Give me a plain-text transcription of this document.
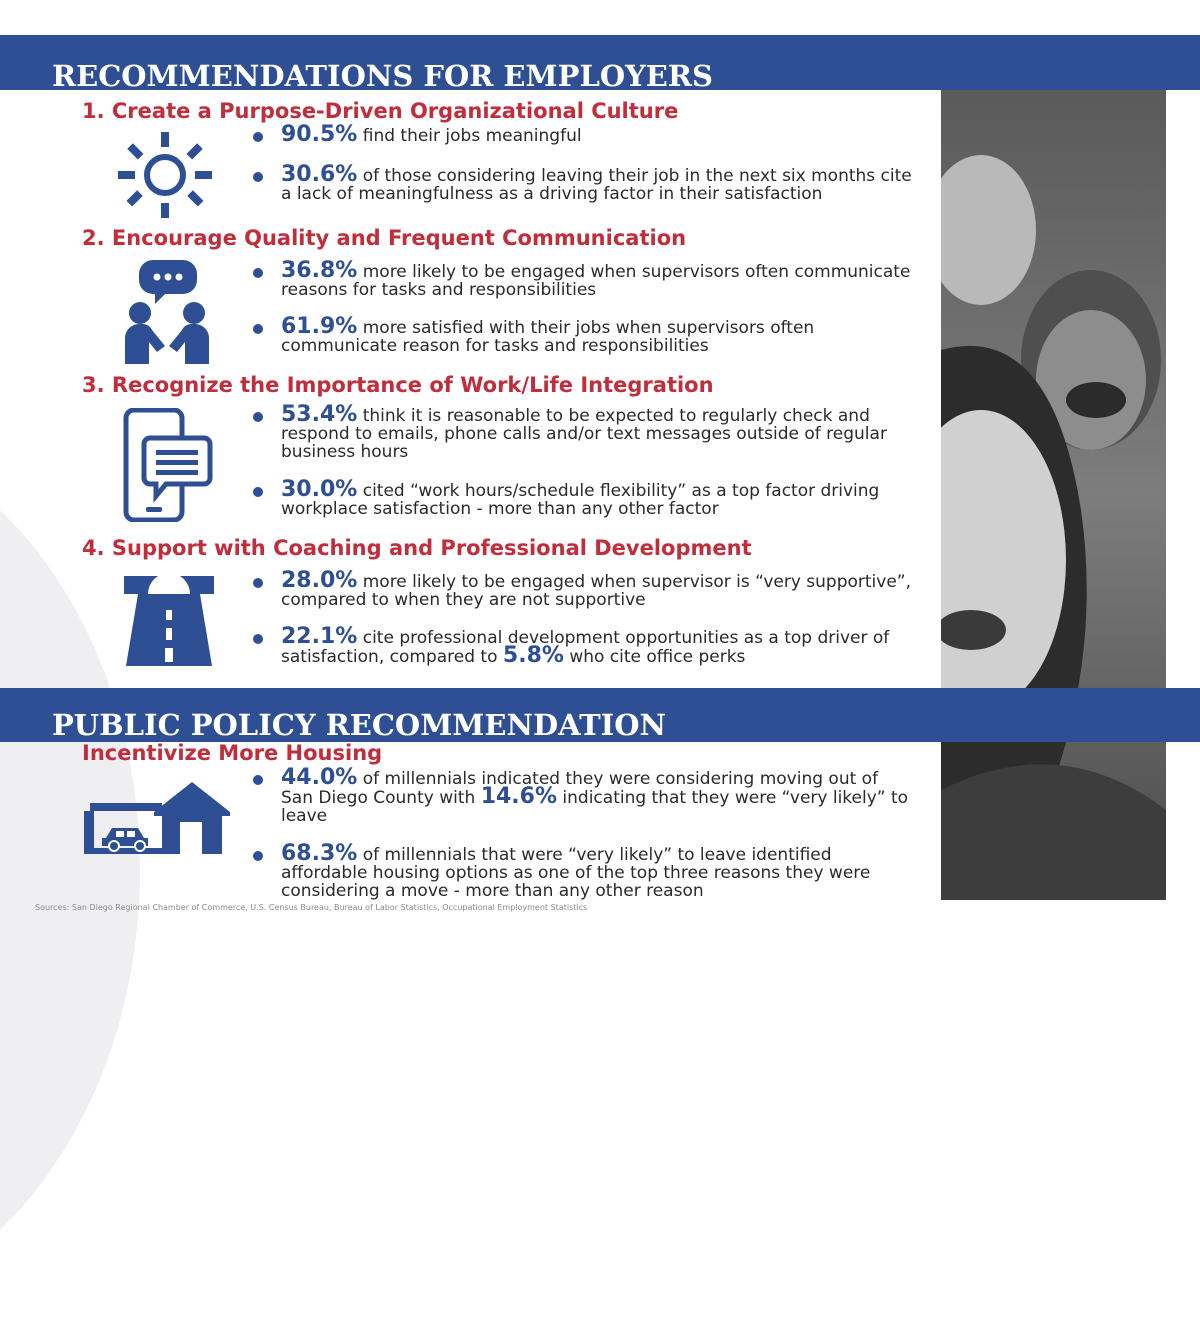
RECOMMENDATIONS FOR EMPLOYERS
1. Create a Purpose-Driven Organizational Culture
90.5% find their jobs meaningful
30.6% of those considering leaving their job in the next six months cite a lack of meaningfulness as a driving factor in their satisfaction
2. Encourage Quality and Frequent Communication
36.8% more likely to be engaged when supervisors often communicate reasons for tasks and responsibilities
61.9% more satisfied with their jobs when supervisors often communicate reason for tasks and responsibilities
3. Recognize the Importance of Work/Life Integration
53.4% think it is reasonable to be expected to regularly check and respond to emails, phone calls and/or text messages outside of regular business hours
30.0% cited “work hours/schedule flexibility” as a top factor driving workplace satisfaction - more than any other factor
4. Support with Coaching and Professional Development
28.0% more likely to be engaged when supervisor is “very supportive”, compared to when they are not supportive
22.1% cite professional development opportunities as a top driver of satisfaction, compared to 5.8% who cite office perks
PUBLIC POLICY RECOMMENDATION
Incentivize More Housing
44.0% of millennials indicated they were considering moving out of San Diego County with 14.6% indicating that they were “very likely” to leave
68.3% of millennials that were “very likely” to leave identified affordable housing options as one of the top three reasons they were considering a move - more than any other reason
Sources: San Diego Regional Chamber of Commerce, U.S. Census Bureau, Bureau of Labor Statistics, Occupational Employment Statistics
